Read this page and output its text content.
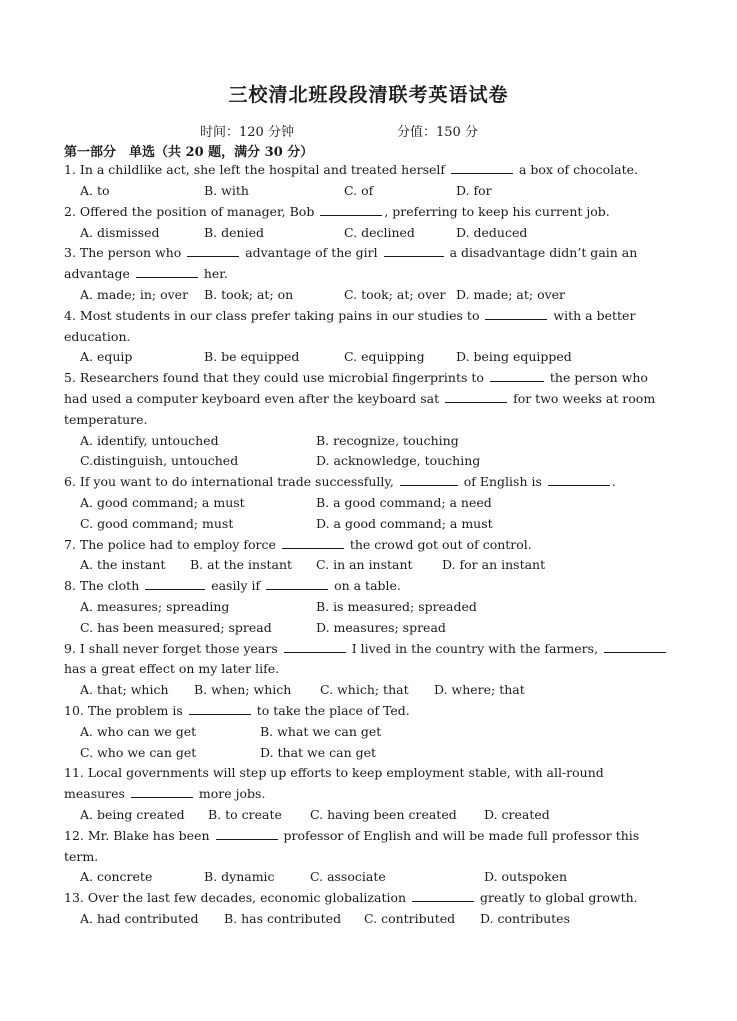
三校清北班段段清联考英语试卷
时间：120 分钟	分值：150 分
第一部分　单选（共 20 题，满分 30 分）
1. In a childlike act, she left the hospital and treated herself	a box of chocolate.
A. to	B. with	C. of	D. for
2. Offered the position of manager, Bob	, preferring to keep his current job.
A. dismissed	B. denied	C. declined	D. deduced
3. The person who	advantage of the girl	a disadvantage didn’t gain an
advantage	her.
A. made; in; over B. took; at; on	C. took; at; over D. made; at; over
4. Most students in our class prefer taking pains in our studies to	with a better
education.
A. equip	B. be equipped	C. equipping	D. being equipped
5. Researchers found that they could use microbial fingerprints to	the person who
had used a computer keyboard even after the keyboard sat	for two weeks at room
temperature.
A. identify, untouched	B. recognize, touching
C.distinguish, untouched	D. acknowledge, touching
6. If you want to do international trade successfully,	of English is	.
A. good command; a must	B. a good command; a need
C. good command; must	D. a good command; a must
7. The police had to employ force	the crowd got out of control.
A. the instant B. at the instant C. in an instant D. for an instant
8. The cloth	easily if	on a table.
A. measures; spreading	B. is measured; spreaded
C. has been measured; spread	D. measures; spread
9. I shall never forget those years	I lived in the country with the farmers,
has a great effect on my later life.
A. that; which B. when; which C. which; that D. where; that
10. The problem is	to take the place of Ted.
A. who can we get	B. what we can get
C. who we can get	D. that we can get
11. Local governments will step up efforts to keep employment stable, with all-round
measures	more jobs.
A. being created B. to create C. having been created D. created
12. Mr. Blake has been	professor of English and will be made full professor this
term.
A. concrete	B. dynamic	C. associate	D. outspoken
13. Over the last few decades, economic globalization	greatly to global growth.
A. had contributed B. has contributed C. contributed D. contributes
